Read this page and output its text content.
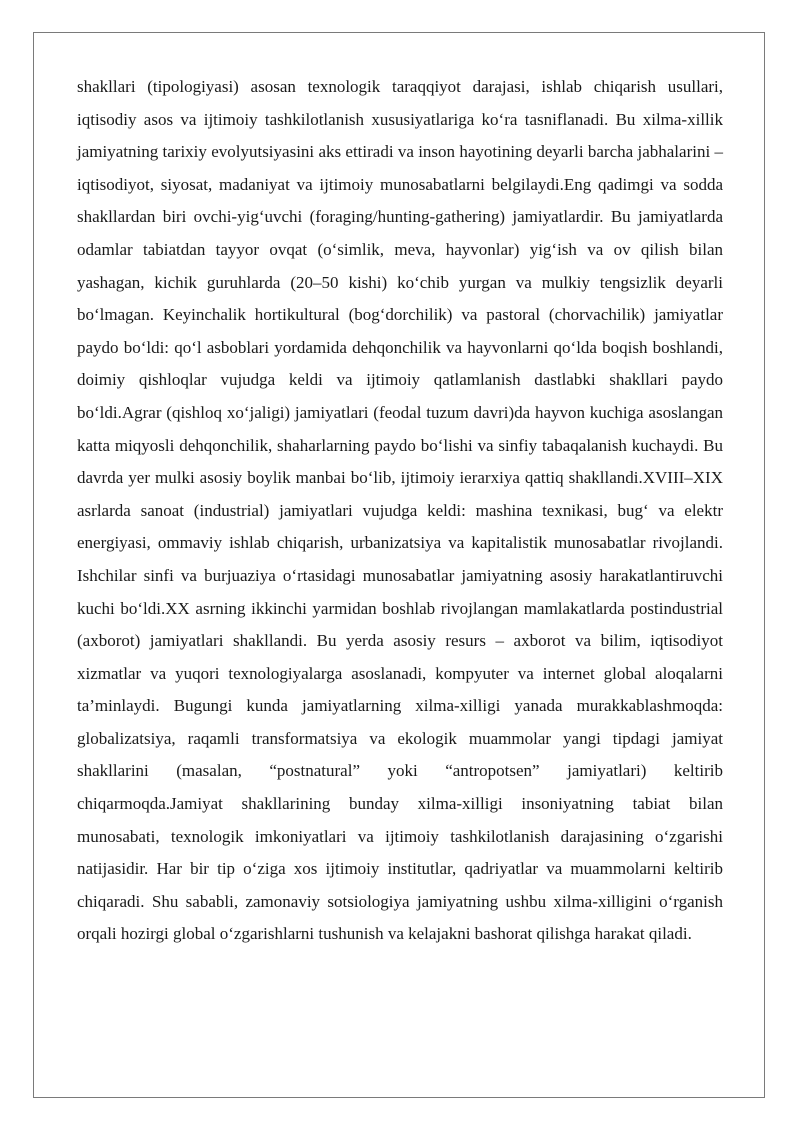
shakllari (tipologiyasi) asosan texnologik taraqqiyot darajasi, ishlab chiqarish usullari, iqtisodiy asos va ijtimoiy tashkilotlanish xususiyatlariga ko‘ra tasniflanadi. Bu xilma-xillik jamiyatning tarixiy evolyutsiyasini aks ettiradi va inson hayotining deyarli barcha jabhalarini – iqtisodiyot, siyosat, madaniyat va ijtimoiy munosabatlarni belgilaydi.Eng qadimgi va sodda shakllardan biri ovchi-yig‘uvchi (foraging/hunting-gathering) jamiyatlardir. Bu jamiyatlarda odamlar tabiatdan tayyor ovqat (o‘simlik, meva, hayvonlar) yig‘ish va ov qilish bilan yashagan, kichik guruhlarda (20–50 kishi) ko‘chib yurgan va mulkiy tengsizlik deyarli bo‘lmagan. Keyinchalik hortikultural (bog‘dorchilik) va pastoral (chorvachilik) jamiyatlar paydo bo‘ldi: qo‘l asboblari yordamida dehqonchilik va hayvonlarni qo‘lda boqish boshlandi, doimiy qishloqlar vujudga keldi va ijtimoiy qatlamlanish dastlabki shakllari paydo bo‘ldi.Agrar (qishloq xo‘jaligi) jamiyatlari (feodal tuzum davri)da hayvon kuchiga asoslangan katta miqyosli dehqonchilik, shaharlarning paydo bo‘lishi va sinfiy tabaqalanish kuchaydi. Bu davrda yer mulki asosiy boylik manbai bo‘lib, ijtimoiy ierarxiya qattiq shakllandi.XVIII–XIX asrlarda sanoat (industrial) jamiyatlari vujudga keldi: mashina texnikasi, bug‘ va elektr energiyasi, ommaviy ishlab chiqarish, urbanizatsiya va kapitalistik munosabatlar rivojlandi. Ishchilar sinfi va burjuaziya o‘rtasidagi munosabatlar jamiyatning asosiy harakatlantiruvchi kuchi bo‘ldi.XX asrning ikkinchi yarmidan boshlab rivojlangan mamlakatlarda postindustrial (axborot) jamiyatlari shakllandi. Bu yerda asosiy resurs – axborot va bilim, iqtisodiyot xizmatlar va yuqori texnologiyalarga asoslanadi, kompyuter va internet global aloqalarni ta’minlaydi. Bugungi kunda jamiyatlarning xilma-xilligi yanada murakkablashmoqda: globalizatsiya, raqamli transformatsiya va ekologik muammolar yangi tipdagi jamiyat shakllarini (masalan, “postnatural” yoki “antropotsen” jamiyatlari) keltirib chiqarmoqda.Jamiyat shakllarining bunday xilma-xilligi insoniyatning tabiat bilan munosabati, texnologik imkoniyatlari va ijtimoiy tashkilotlanish darajasining o‘zgarishi natijasidir. Har bir tip o‘ziga xos ijtimoiy institutlar, qadriyatlar va muammolarni keltirib chiqaradi. Shu sababli, zamonaviy sotsiologiya jamiyatning ushbu xilma-xilligini o‘rganish orqali hozirgi global o‘zgarishlarni tushunish va kelajakni bashorat qilishga harakat qiladi.
